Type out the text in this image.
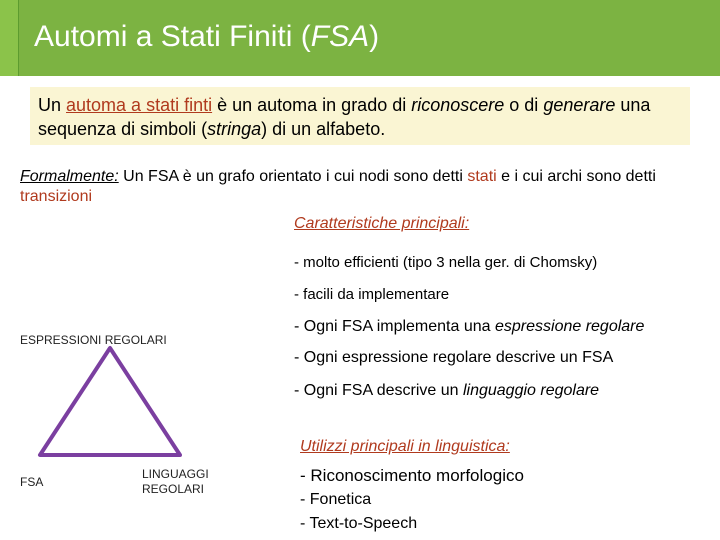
Automi a Stati Finiti (FSA)
Un automa a stati finti è un automa in grado di riconoscere o di generare una sequenza di simboli (stringa) di un alfabeto.
Formalmente: Un FSA è un grafo orientato i cui nodi sono detti stati e i cui archi sono detti transizioni
Caratteristiche principali:
- molto efficienti (tipo 3 nella ger. di Chomsky)
- facili da implementare
- Ogni FSA implementa una espressione regolare
- Ogni espressione regolare descrive un FSA
- Ogni FSA descrive un linguaggio regolare
ESPRESSIONI REGOLARI
FSA
LINGUAGGI
REGOLARI
Utilizzi principali in linguistica:
- Riconoscimento morfologico
- Fonetica
- Text-to-Speech
